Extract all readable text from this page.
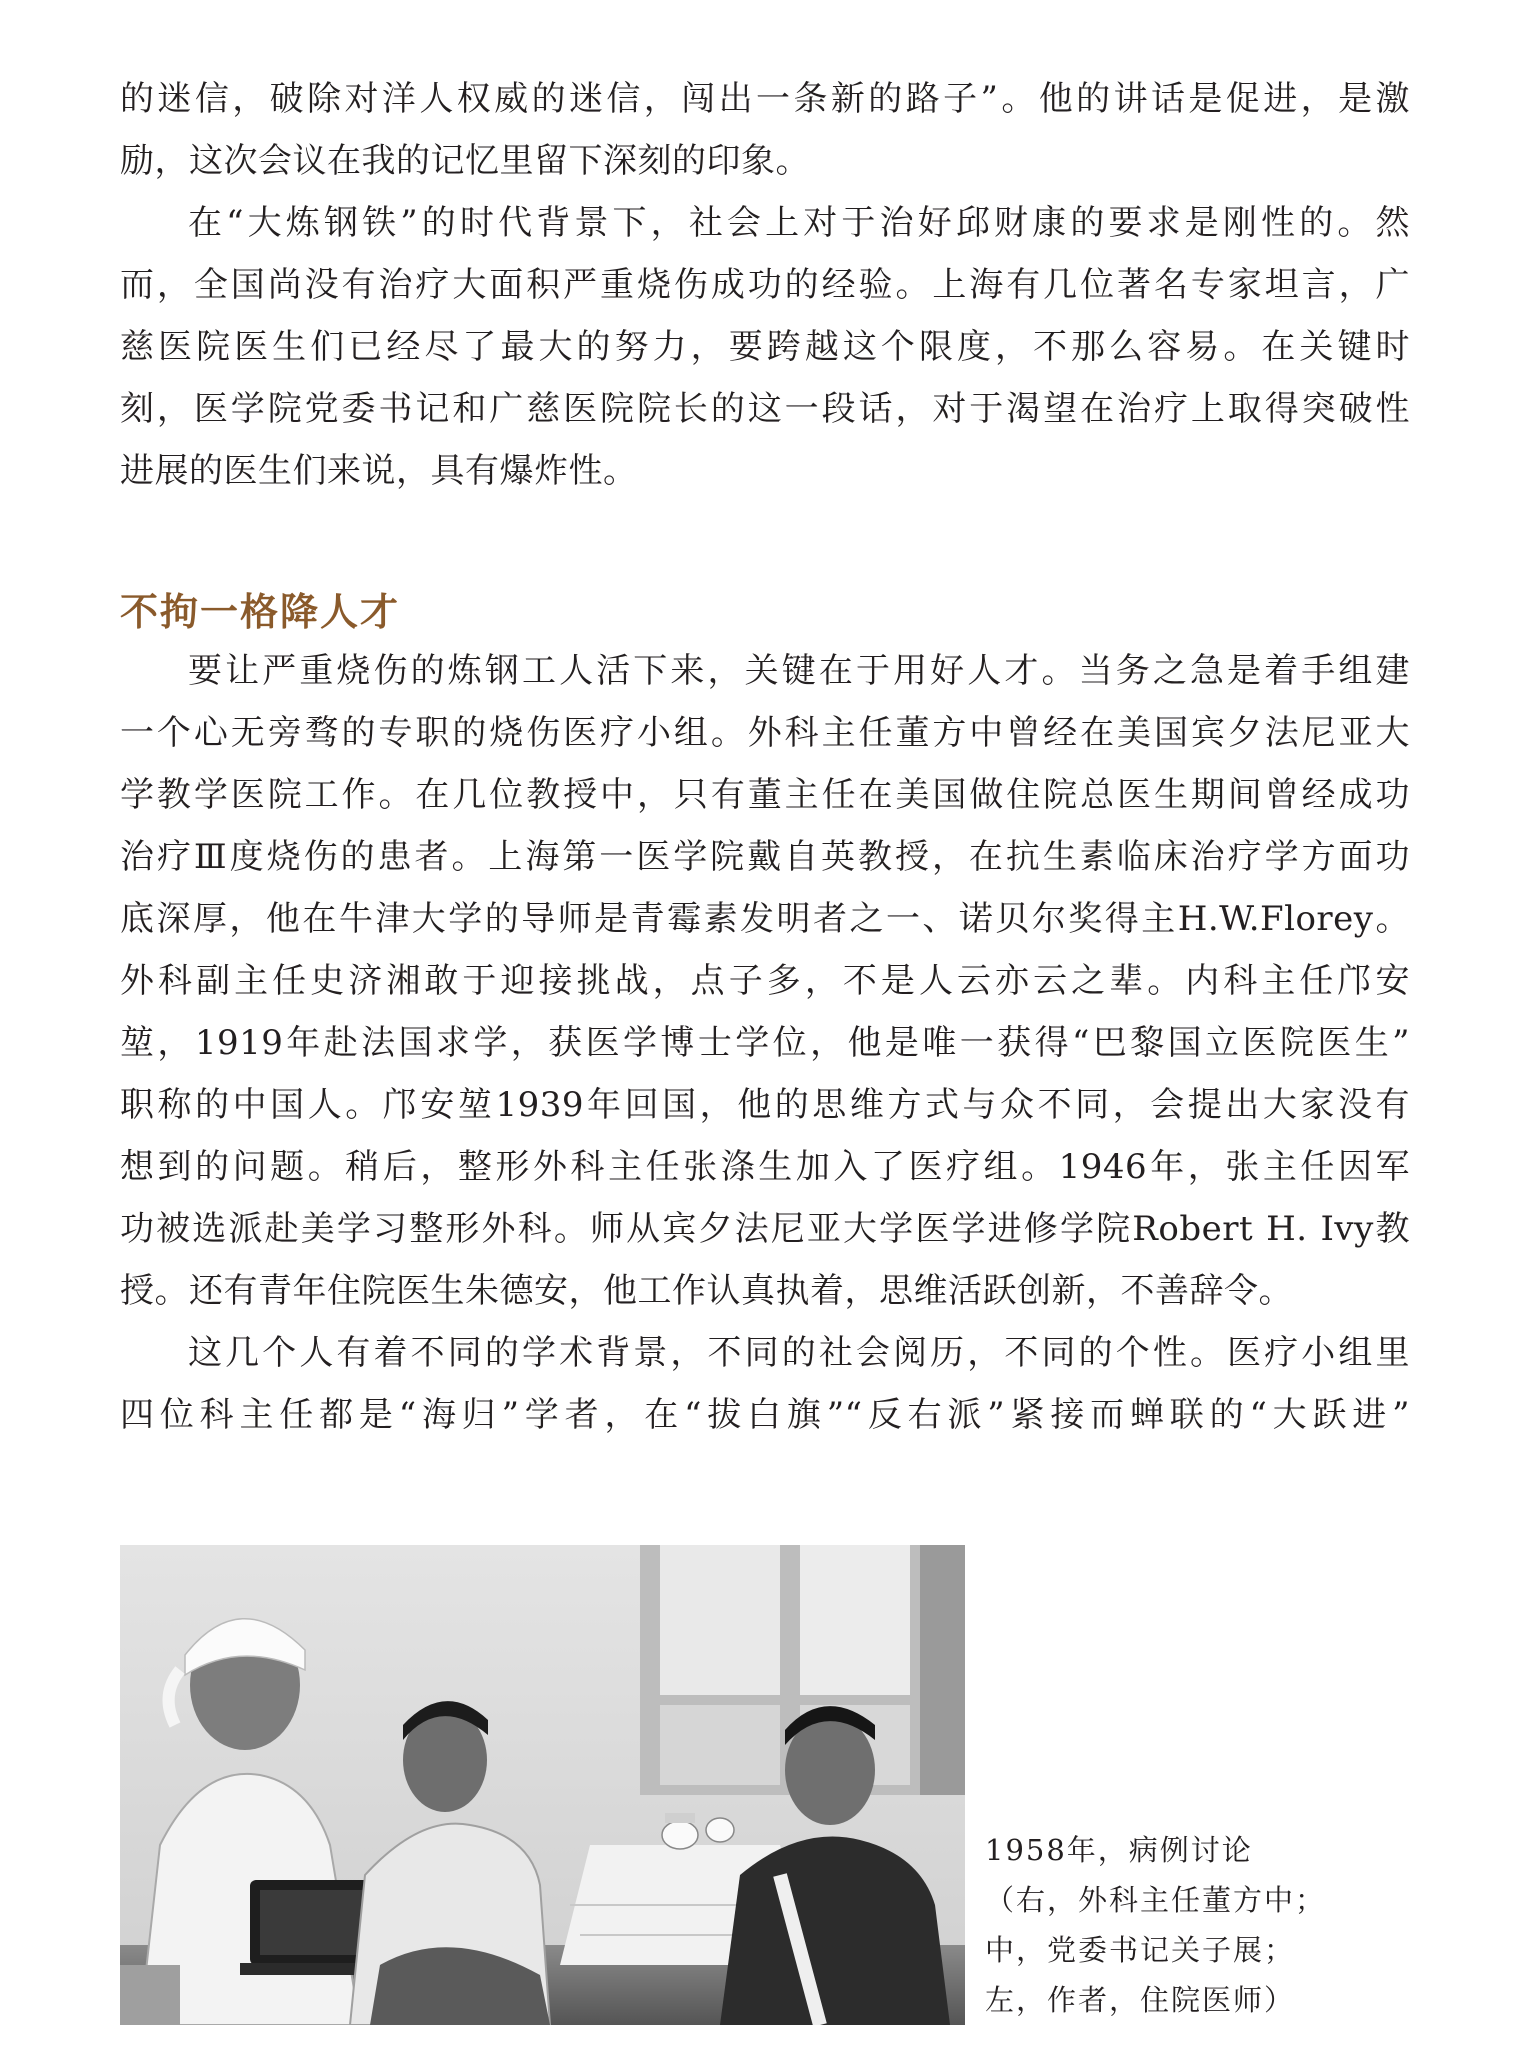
的迷信，破除对洋人权威的迷信，闯出一条新的路子”。他的讲话是促进，是激
励，这次会议在我的记忆里留下深刻的印象。
在“大炼钢铁”的时代背景下，社会上对于治好邱财康的要求是刚性的。然
而，全国尚没有治疗大面积严重烧伤成功的经验。上海有几位著名专家坦言，广
慈医院医生们已经尽了最大的努力，要跨越这个限度，不那么容易。在关键时
刻，医学院党委书记和广慈医院院长的这一段话，对于渴望在治疗上取得突破性
进展的医生们来说，具有爆炸性。
不拘一格降人才
要让严重烧伤的炼钢工人活下来，关键在于用好人才。当务之急是着手组建
一个心无旁骛的专职的烧伤医疗小组。外科主任董方中曾经在美国宾夕法尼亚大
学教学医院工作。在几位教授中，只有董主任在美国做住院总医生期间曾经成功
治疗Ⅲ度烧伤的患者。上海第一医学院戴自英教授，在抗生素临床治疗学方面功
底深厚，他在牛津大学的导师是青霉素发明者之一、诺贝尔奖得主H.W.Florey。
外科副主任史济湘敢于迎接挑战，点子多，不是人云亦云之辈。内科主任邝安
堃，1919年赴法国求学，获医学博士学位，他是唯一获得“巴黎国立医院医生”
职称的中国人。邝安堃1939年回国，他的思维方式与众不同，会提出大家没有
想到的问题。稍后，整形外科主任张涤生加入了医疗组。1946年，张主任因军
功被选派赴美学习整形外科。师从宾夕法尼亚大学医学进修学院Robert H. Ivy教
授。还有青年住院医生朱德安，他工作认真执着，思维活跃创新，不善辞令。
这几个人有着不同的学术背景，不同的社会阅历，不同的个性。医疗小组里
四位科主任都是“海归”学者，在“拔白旗”“反右派”紧接而蝉联的“大跃进”
1958年，病例讨论
（右，外科主任董方中；
中，党委书记关子展；
左，作者，住院医师）
